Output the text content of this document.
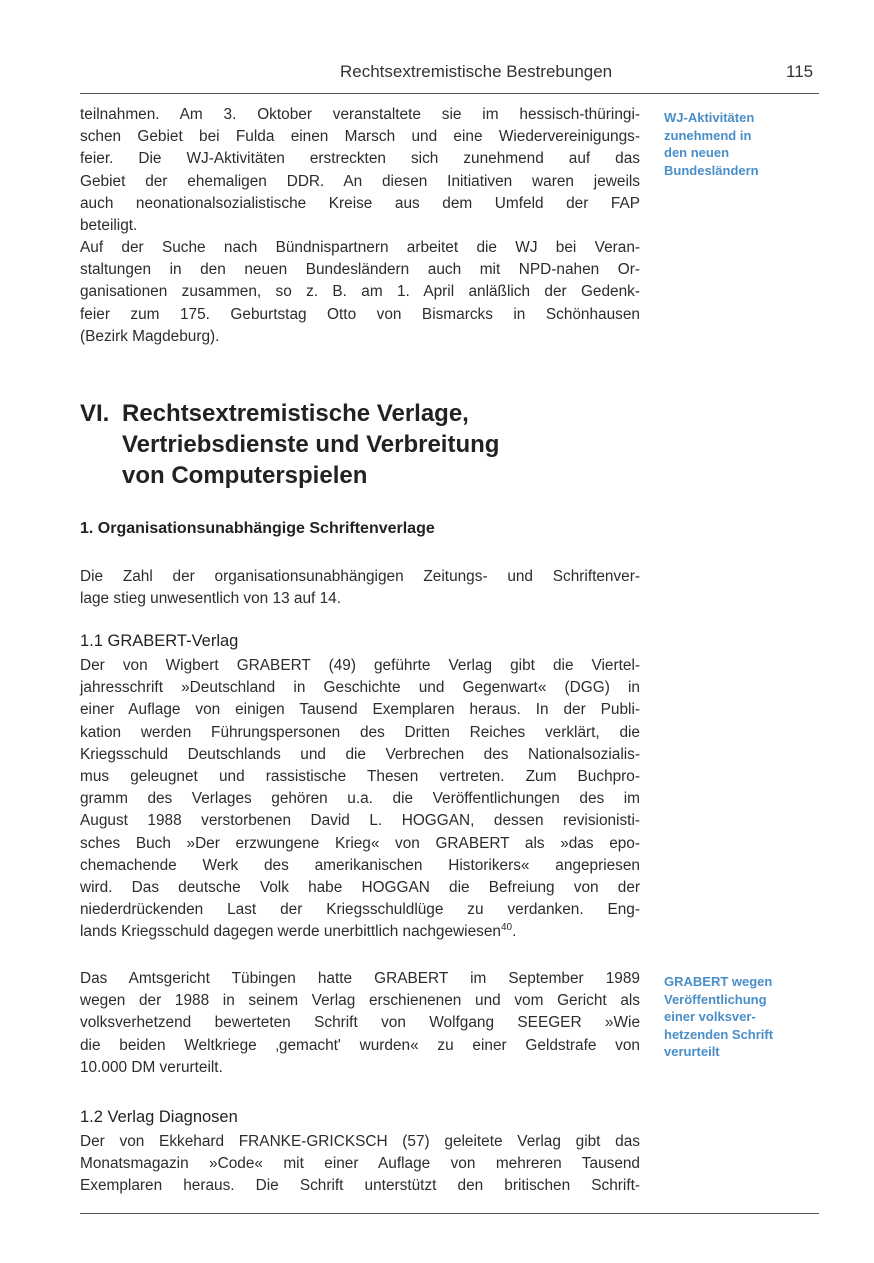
Rechtsextremistische Bestrebungen	115
teilnahmen. Am 3. Oktober veranstaltete sie im hessisch-thüringi-
schen Gebiet bei Fulda einen Marsch und eine Wiedervereinigungs-
feier. Die WJ-Aktivitäten erstreckten sich zunehmend auf das
Gebiet der ehemaligen DDR. An diesen Initiativen waren jeweils
auch neonationalsozialistische Kreise aus dem Umfeld der FAP
beteiligt.
Auf der Suche nach Bündnispartnern arbeitet die WJ bei Veran-
staltungen in den neuen Bundesländern auch mit NPD-nahen Or-
ganisationen zusammen, so z. B. am 1. April anläßlich der Gedenk-
feier zum 175. Geburtstag Otto von Bismarcks in Schönhausen
(Bezirk Magdeburg).
WJ-Aktivitäten
zunehmend in
den neuen
Bundesländern
VI. Rechtsextremistische Verlage,
Vertriebsdienste und Verbreitung
von Computerspielen
1. Organisationsunabhängige Schriftenverlage
Die Zahl der organisationsunabhängigen Zeitungs- und Schriftenver-
lage stieg unwesentlich von 13 auf 14.
1.1 GRABERT-Verlag
Der von Wigbert GRABERT (49) geführte Verlag gibt die Viertel-
jahresschrift »Deutschland in Geschichte und Gegenwart« (DGG) in
einer Auflage von einigen Tausend Exemplaren heraus. In der Publi-
kation werden Führungspersonen des Dritten Reiches verklärt, die
Kriegsschuld Deutschlands und die Verbrechen des Nationalsozialis-
mus geleugnet und rassistische Thesen vertreten. Zum Buchpro-
gramm des Verlages gehören u.a. die Veröffentlichungen des im
August 1988 verstorbenen David L. HOGGAN, dessen revisionisti-
sches Buch »Der erzwungene Krieg« von GRABERT als »das epo-
chemachende Werk des amerikanischen Historikers« angepriesen
wird. Das deutsche Volk habe HOGGAN die Befreiung von der
niederdrückenden Last der Kriegsschuldlüge zu verdanken. Eng-
lands Kriegsschuld dagegen werde unerbittlich nachgewiesen$^{40}$.
Das Amtsgericht Tübingen hatte GRABERT im September 1989
wegen der 1988 in seinem Verlag erschienenen und vom Gericht als
volksverhetzend bewerteten Schrift von Wolfgang SEEGER »Wie
die beiden Weltkriege ‚gemacht' wurden« zu einer Geldstrafe von
10.000 DM verurteilt.
GRABERT wegen
Veröffentlichung
einer volksver-
hetzenden Schrift
verurteilt
1.2 Verlag Diagnosen
Der von Ekkehard FRANKE-GRICKSCH (57) geleitete Verlag gibt das
Monatsmagazin »Code« mit einer Auflage von mehreren Tausend
Exemplaren heraus. Die Schrift unterstützt den britischen Schrift-
